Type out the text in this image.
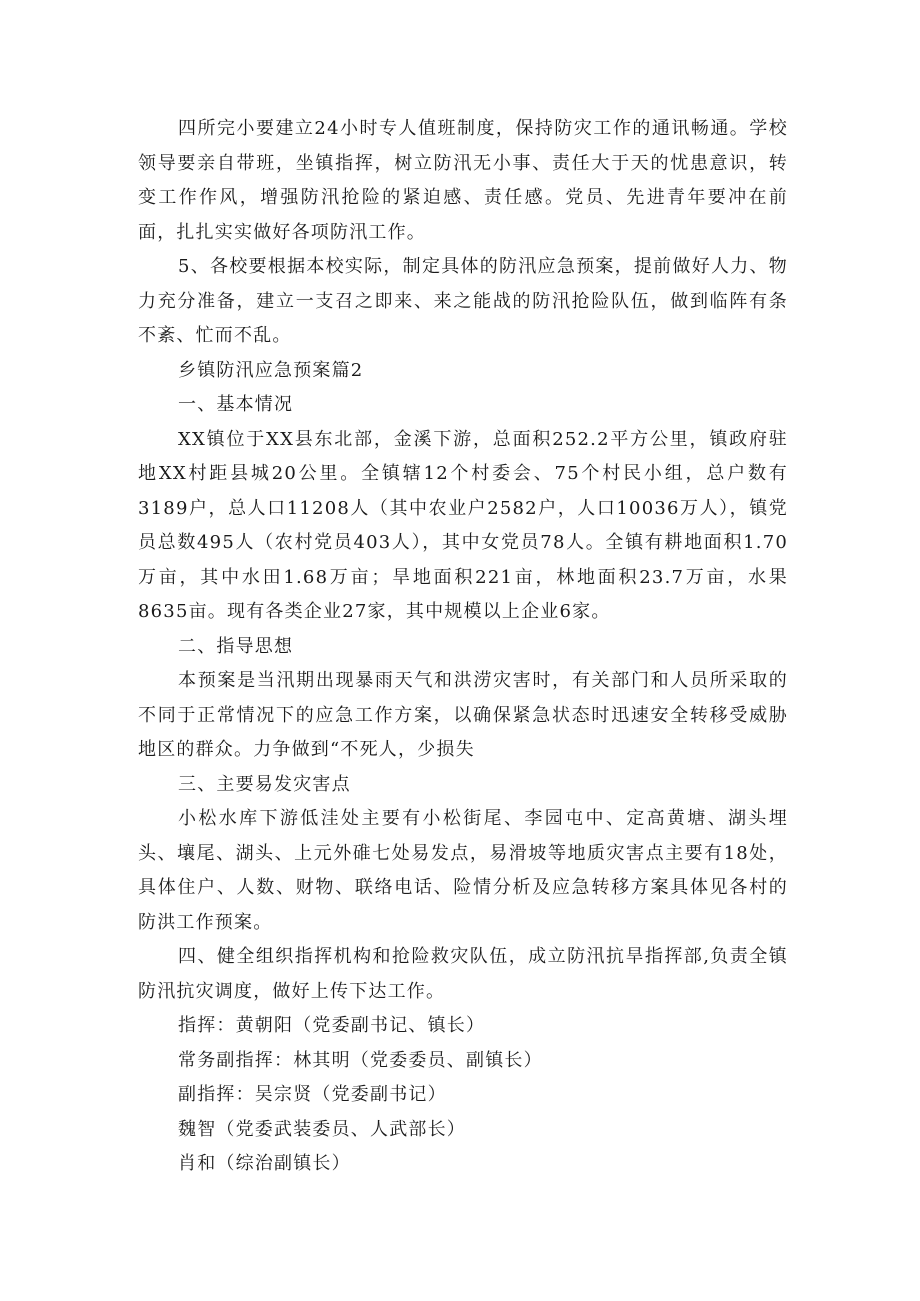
四所完小要建立24小时专人值班制度，保持防灾工作的通讯畅通。学校领导要亲自带班，坐镇指挥，树立防汛无小事、责任大于天的忧患意识，转变工作作风，增强防汛抢险的紧迫感、责任感。党员、先进青年要冲在前面，扎扎实实做好各项防汛工作。

5、各校要根据本校实际，制定具体的防汛应急预案，提前做好人力、物力充分准备，建立一支召之即来、来之能战的防汛抢险队伍，做到临阵有条不紊、忙而不乱。

乡镇防汛应急预案篇2

一、基本情况

XX镇位于XX县东北部，金溪下游，总面积252.2平方公里，镇政府驻地XX村距县城20公里。全镇辖12个村委会、75个村民小组，总户数有3189户，总人口11208人（其中农业户2582户，人口10036万人），镇党员总数495人（农村党员403人），其中女党员78人。全镇有耕地面积1.70万亩，其中水田1.68万亩；旱地面积221亩，林地面积23.7万亩，水果8635亩。现有各类企业27家，其中规模以上企业6家。

二、指导思想

本预案是当汛期出现暴雨天气和洪涝灾害时，有关部门和人员所采取的不同于正常情况下的应急工作方案，以确保紧急状态时迅速安全转移受威胁地区的群众。力争做到“不死人，少损失

三、主要易发灾害点

小松水库下游低洼处主要有小松街尾、李园屯中、定高黄塘、湖头埋头、壤尾、湖头、上元外碓七处易发点，易滑坡等地质灾害点主要有18处，具体住户、人数、财物、联络电话、险情分析及应急转移方案具体见各村的防洪工作预案。

四、健全组织指挥机构和抢险救灾队伍，成立防汛抗旱指挥部,负责全镇防汛抗灾调度，做好上传下达工作。

指挥：黄朝阳（党委副书记、镇长）

常务副指挥：林其明（党委委员、副镇长）

副指挥：吴宗贤（党委副书记）

魏智（党委武装委员、人武部长）

肖和（综治副镇长）
